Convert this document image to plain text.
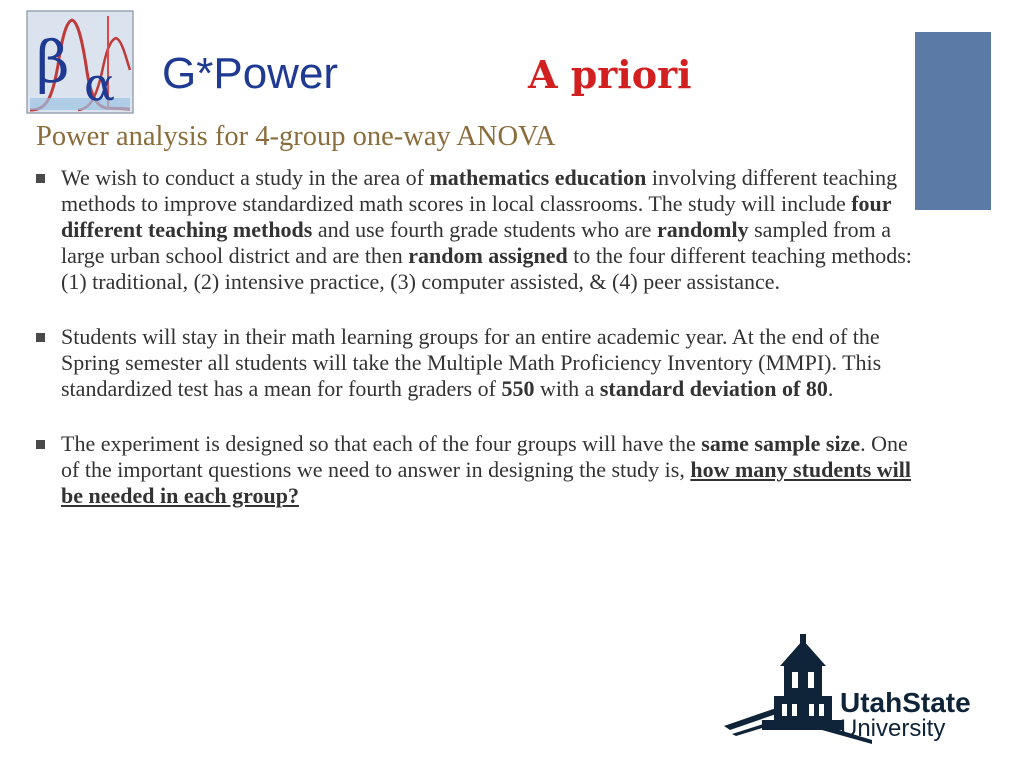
β α G*Power	A priori
Power analysis for 4-group one-way ANOVA
We wish to conduct a study in the area of mathematics education involving different teaching methods to improve standardized math scores in local classrooms. The study will include four different teaching methods and use fourth grade students who are randomly sampled from a large urban school district and are then random assigned to the four different teaching methods: (1) traditional, (2) intensive practice, (3) computer assisted, & (4) peer assistance.
Students will stay in their math learning groups for an entire academic year. At the end of the Spring semester all students will take the Multiple Math Proficiency Inventory (MMPI). This standardized test has a mean for fourth graders of 550 with a standard deviation of 80.
The experiment is designed so that each of the four groups will have the same sample size. One of the important questions we need to answer in designing the study is, how many students will be needed in each group?
UtahState
University
